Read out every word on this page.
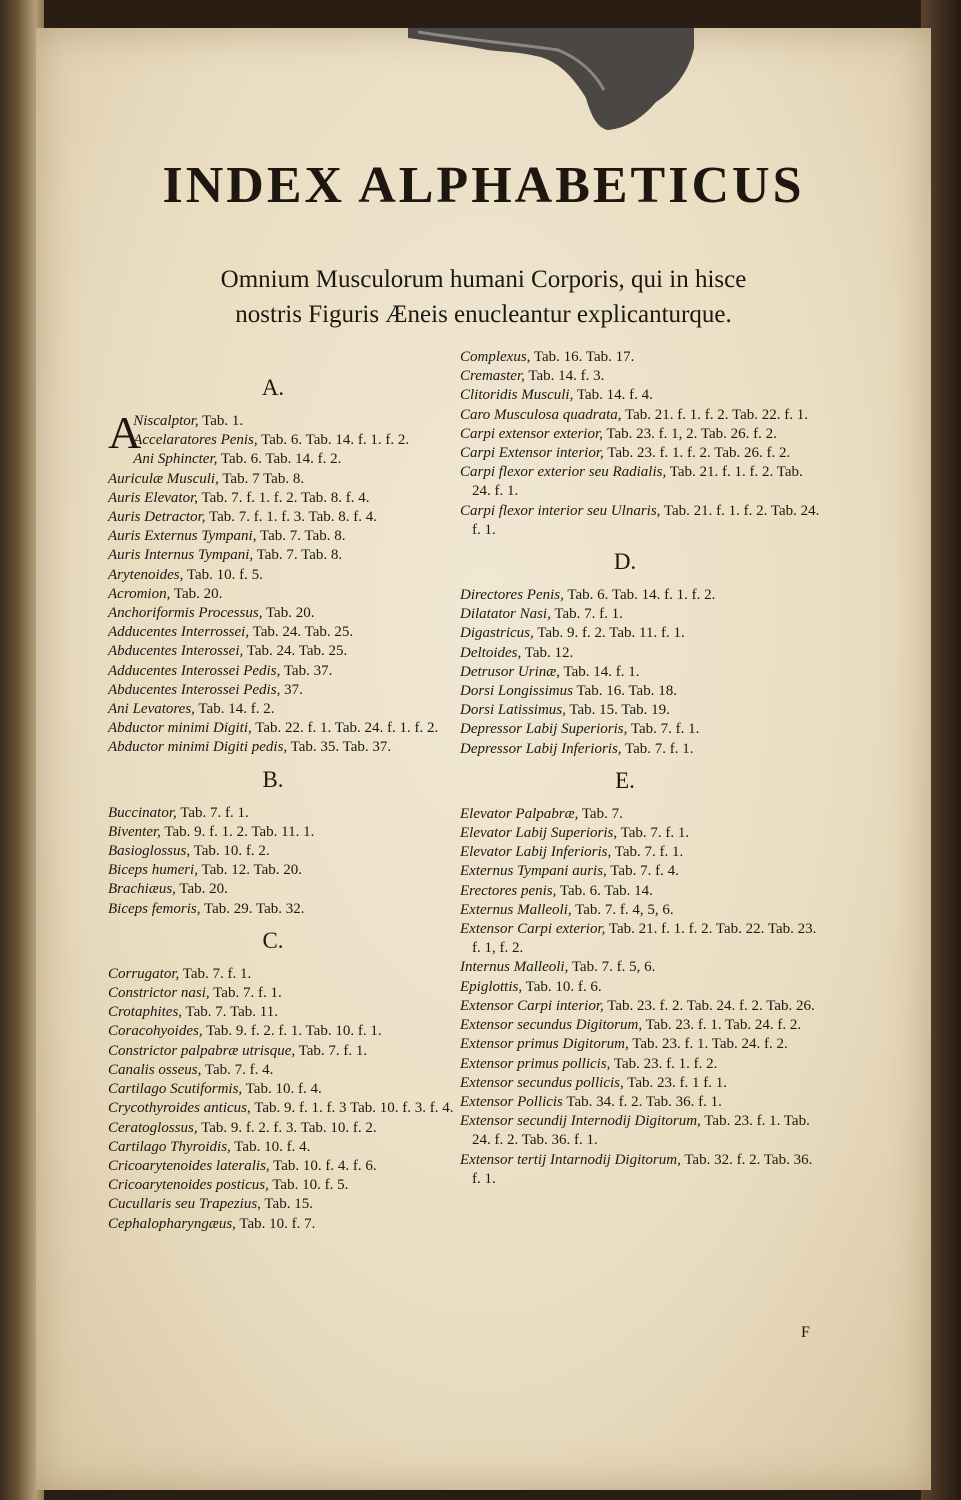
INDEX ALPHABETICUS
Omnium Musculorum humani Corporis, qui in hisce
nostris Figuris Æneis enucleantur explicanturque.
A.
A
Niscalptor, Tab. 1.
Accelaratores Penis, Tab. 6. Tab. 14. f. 1. f. 2.
Ani Sphincter, Tab. 6. Tab. 14. f. 2.
Auriculæ Musculi, Tab. 7 Tab. 8.
Auris Elevator, Tab. 7. f. 1. f. 2. Tab. 8. f. 4.
Auris Detractor, Tab. 7. f. 1. f. 3. Tab. 8. f. 4.
Auris Externus Tympani, Tab. 7. Tab. 8.
Auris Internus Tympani, Tab. 7. Tab. 8.
Arytenoides, Tab. 10. f. 5.
Acromion, Tab. 20.
Anchoriformis Processus, Tab. 20.
Adducentes Interrossei, Tab. 24. Tab. 25.
Abducentes Interossei, Tab. 24. Tab. 25.
Adducentes Interossei Pedis, Tab. 37.
Abducentes Interossei Pedis, 37.
Ani Levatores, Tab. 14. f. 2.
Abductor minimi Digiti, Tab. 22. f. 1. Tab. 24. f. 1. f. 2.
Abductor minimi Digiti pedis, Tab. 35. Tab. 37.
B.
Buccinator, Tab. 7. f. 1.
Biventer, Tab. 9. f. 1. 2. Tab. 11. 1.
Basioglossus, Tab. 10. f. 2.
Biceps humeri, Tab. 12. Tab. 20.
Brachiæus, Tab. 20.
Biceps femoris, Tab. 29. Tab. 32.
C.
Corrugator, Tab. 7. f. 1.
Constrictor nasi, Tab. 7. f. 1.
Crotaphites, Tab. 7. Tab. 11.
Coracohyoides, Tab. 9. f. 2. f. 1. Tab. 10. f. 1.
Constrictor palpabræ utrisque, Tab. 7. f. 1.
Canalis osseus, Tab. 7. f. 4.
Cartilago Scutiformis, Tab. 10. f. 4.
Crycothyroides anticus, Tab. 9. f. 1. f. 3 Tab. 10. f. 3. f. 4.
Ceratoglossus, Tab. 9. f. 2. f. 3. Tab. 10. f. 2.
Cartilago Thyroidis, Tab. 10. f. 4.
Cricoarytenoides lateralis, Tab. 10. f. 4. f. 6.
Cricoarytenoides posticus, Tab. 10. f. 5.
Cucullaris seu Trapezius, Tab. 15.
Cephalopharyngæus, Tab. 10. f. 7.
Complexus, Tab. 16. Tab. 17.
Cremaster, Tab. 14. f. 3.
Clitoridis Musculi, Tab. 14. f. 4.
Caro Musculosa quadrata, Tab. 21. f. 1. f. 2. Tab. 22. f. 1.
Carpi extensor exterior, Tab. 23. f. 1, 2. Tab. 26. f. 2.
Carpi Extensor interior, Tab. 23. f. 1. f. 2. Tab. 26. f. 2.
Carpi flexor exterior seu Radialis, Tab. 21. f. 1. f. 2. Tab. 24. f. 1.
Carpi flexor interior seu Ulnaris, Tab. 21. f. 1. f. 2. Tab. 24. f. 1.
D.
Directores Penis, Tab. 6. Tab. 14. f. 1. f. 2.
Dilatator Nasi, Tab. 7. f. 1.
Digastricus, Tab. 9. f. 2. Tab. 11. f. 1.
Deltoides, Tab. 12.
Detrusor Urinæ, Tab. 14. f. 1.
Dorsi Longissimus Tab. 16. Tab. 18.
Dorsi Latissimus, Tab. 15. Tab. 19.
Depressor Labij Superioris, Tab. 7. f. 1.
Depressor Labij Inferioris, Tab. 7. f. 1.
E.
Elevator Palpabræ, Tab. 7.
Elevator Labij Superioris, Tab. 7. f. 1.
Elevator Labij Inferioris, Tab. 7. f. 1.
Externus Tympani auris, Tab. 7. f. 4.
Erectores penis, Tab. 6. Tab. 14.
Externus Malleoli, Tab. 7. f. 4, 5, 6.
Extensor Carpi exterior, Tab. 21. f. 1. f. 2. Tab. 22. Tab. 23. f. 1, f. 2.
Internus Malleoli, Tab. 7. f. 5, 6.
Epiglottis, Tab. 10. f. 6.
Extensor Carpi interior, Tab. 23. f. 2. Tab. 24. f. 2. Tab. 26.
Extensor secundus Digitorum, Tab. 23. f. 1. Tab. 24. f. 2.
Extensor primus Digitorum, Tab. 23. f. 1. Tab. 24. f. 2.
Extensor primus pollicis, Tab. 23. f. 1. f. 2.
Extensor secundus pollicis, Tab. 23. f. 1 f. 1.
Extensor Pollicis Tab. 34. f. 2. Tab. 36. f. 1.
Extensor secundij Internodij Digitorum, Tab. 23. f. 1. Tab. 24. f. 2. Tab. 36. f. 1.
Extensor tertij Intarnodij Digitorum, Tab. 32. f. 2. Tab. 36. f. 1.
F
